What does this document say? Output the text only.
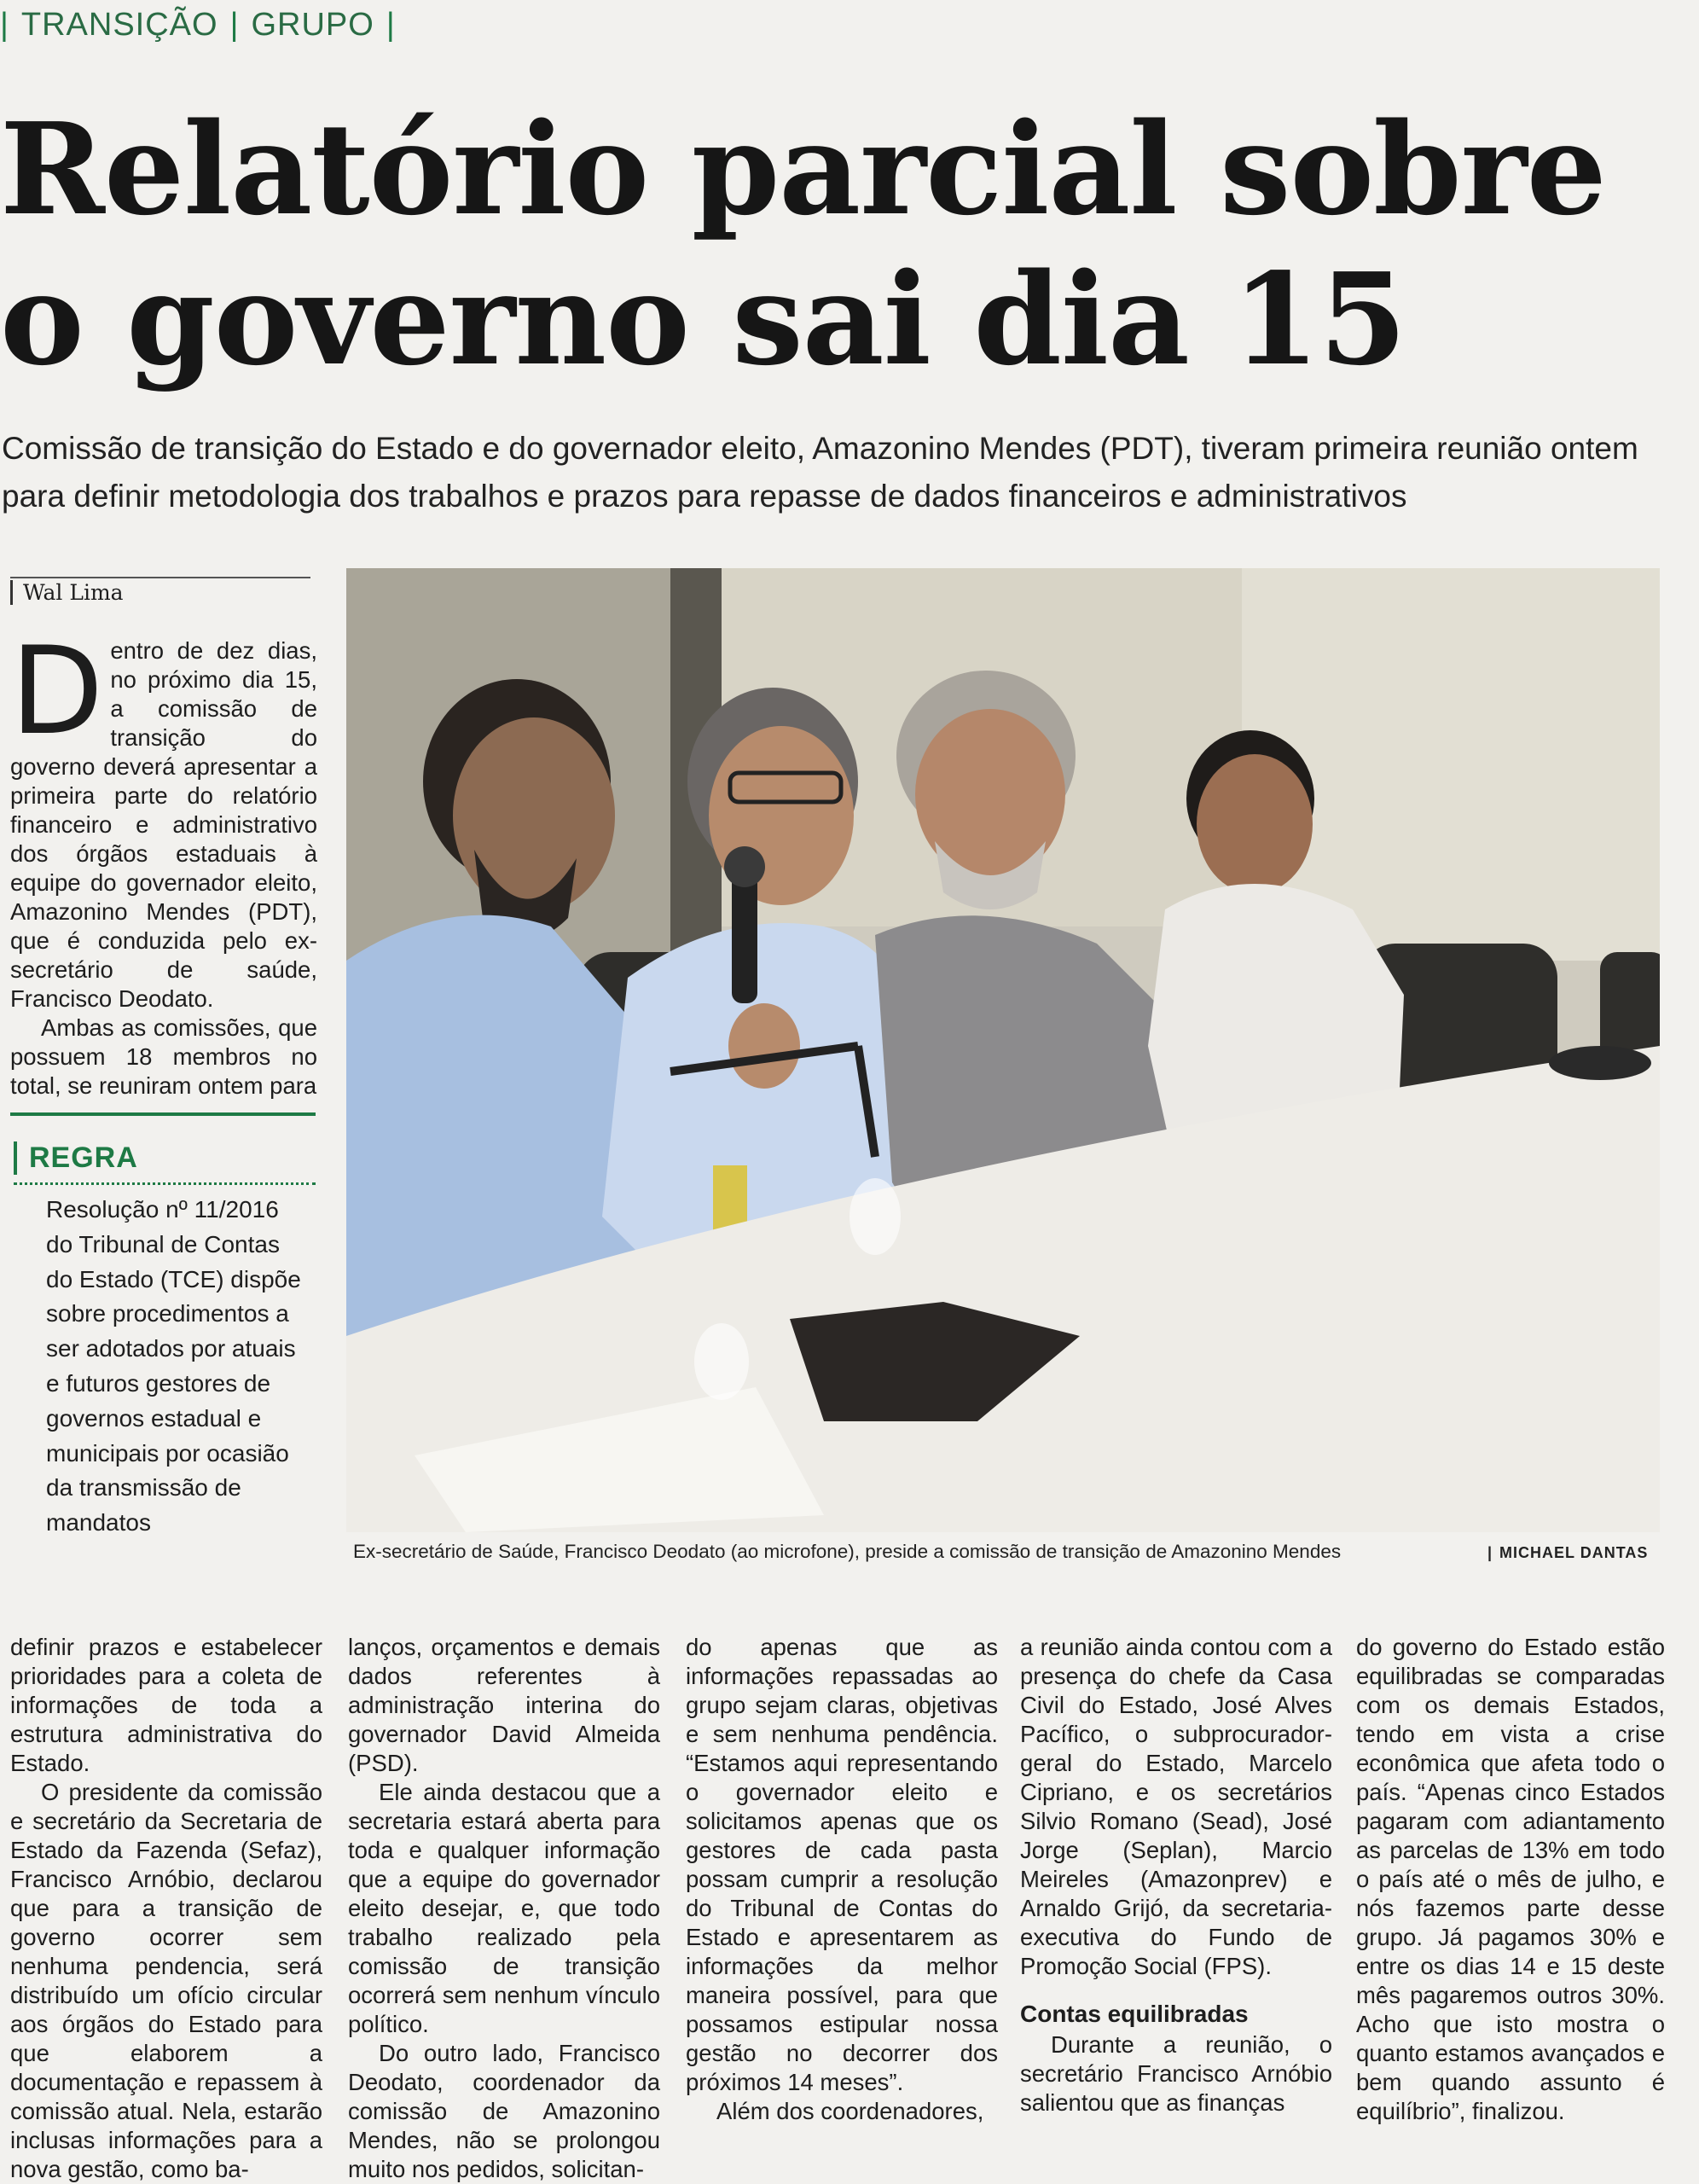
| TRANSIÇÃO | GRUPO |
Relatório parcial sobre
o governo sai dia 15

Comissão de transição do Estado e do governador eleito, Amazonino Mendes (PDT), tiveram primeira reunião ontem para definir metodologia dos trabalhos e prazos para repasse de dados financeiros e administrativos

Wal Lima

Dentro de dez dias, no próximo dia 15, a comissão de transição do governo deverá apresentar a primeira parte do relatório financeiro e administrativo dos órgãos estaduais à equipe do governador eleito, Amazonino Mendes (PDT), que é conduzida pelo ex-secretário de saúde, Francisco Deodato.

Ambas as comissões, que possuem 18 membros no total, se reuniram ontem para

REGRA
Resolução nº 11/2016 do Tribunal de Contas do Estado (TCE) dispõe sobre procedimentos a ser adotados por atuais e futuros gestores de governos estadual e municipais por ocasião da transmissão de mandatos
Ex-secretário de Saúde, Francisco Deodato (ao microfone), preside a comissão de transição de Amazonino Mendes	| MICHAEL DANTAS

definir prazos e estabelecer prioridades para a coleta de informações de toda a estrutura administrativa do Estado.

O presidente da comissão e secretário da Secretaria de Estado da Fazenda (Sefaz), Francisco Arnóbio, declarou que para a transição de governo ocorrer sem nenhuma pendencia, será distribuído um ofício circular aos órgãos do Estado para que elaborem a documentação e repassem à comissão atual. Nela, estarão inclusas informações para a nova gestão, como ba-

lanços, orçamentos e demais dados referentes à administração interina do governador David Almeida (PSD).

Ele ainda destacou que a secretaria estará aberta para toda e qualquer informação que a equipe do governador eleito desejar, e, que todo trabalho realizado pela comissão de transição ocorrerá sem nenhum vínculo político.

Do outro lado, Francisco Deodato, coordenador da comissão de Amazonino Mendes, não se prolongou muito nos pedidos, solicitan-

do apenas que as informações repassadas ao grupo sejam claras, objetivas e sem nenhuma pendência. “Estamos aqui representando o governador eleito e solicitamos apenas que os gestores de cada pasta possam cumprir a resolução do Tribunal de Contas do Estado e apresentarem as informações da melhor maneira possível, para que possamos estipular nossa gestão no decorrer dos próximos 14 meses”.

Além dos coordenadores,

a reunião ainda contou com a presença do chefe da Casa Civil do Estado, José Alves Pacífico, o subprocurador-geral do Estado, Marcelo Cipriano, e os secretários Silvio Romano (Sead), José Jorge (Seplan), Marcio Meireles (Amazonprev) e Arnaldo Grijó, da secretaria-executiva do Fundo de Promoção Social (FPS).

Contas equilibradas

Durante a reunião, o secretário Francisco Arnóbio salientou que as finanças

do governo do Estado estão equilibradas se comparadas com os demais Estados, tendo em vista a crise econômica que afeta todo o país. “Apenas cinco Estados pagaram com adiantamento as parcelas de 13% em todo o país até o mês de julho, e nós fazemos parte desse grupo. Já pagamos 30% e entre os dias 14 e 15 deste mês pagaremos outros 30%. Acho que isto mostra o quanto estamos avançados e bem quando assunto é equilíbrio”, finalizou.
